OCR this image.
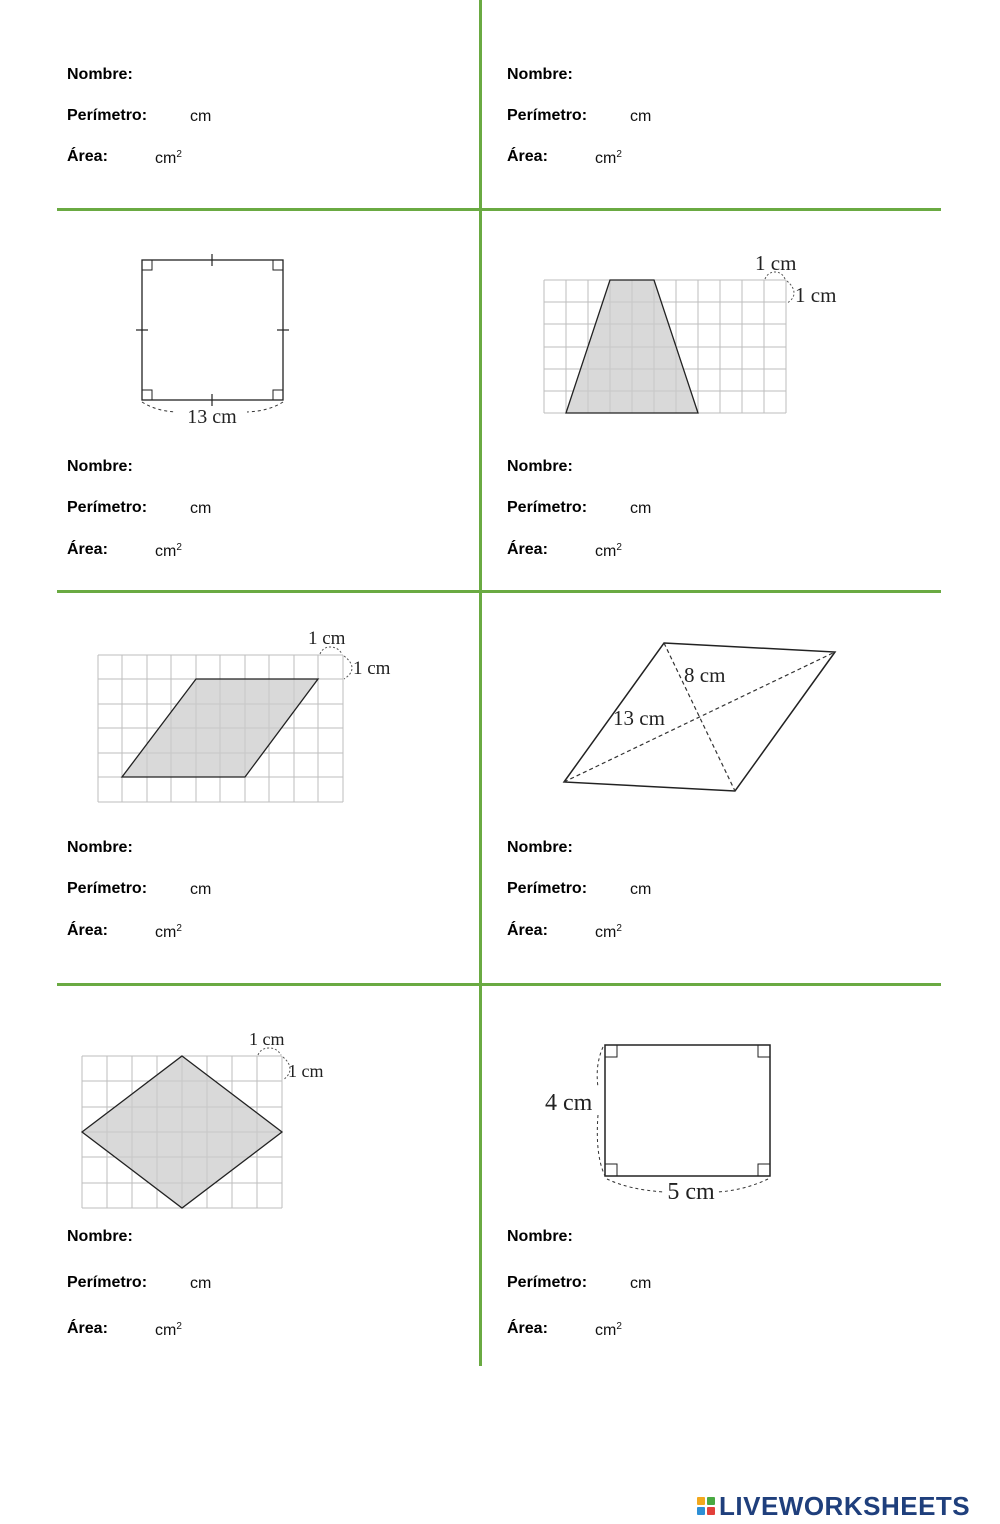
Nombre:
Perímetro:	cm
Área:	$cm^2$
Nombre:
Perímetro:	cm
Área:	$cm^2$
13 cm
1 cm
1 cm
Nombre:
Perímetro:	cm
Área:	$cm^2$
Nombre:
Perímetro:	cm
Área:	$cm^2$
1 cm
1 cm	8 cm
13 cm
Nombre:
Perímetro:	cm
Área:	$cm^2$
Nombre:
Perímetro:	cm
Área:	$cm^2$
1 cm
1 cm
4 cm
5 cm
Nombre:
Perímetro:	cm
Área:	$cm^2$
Nombre:
Perímetro:	cm
Área:	$cm^2$
LIVEWORKSHEETS
